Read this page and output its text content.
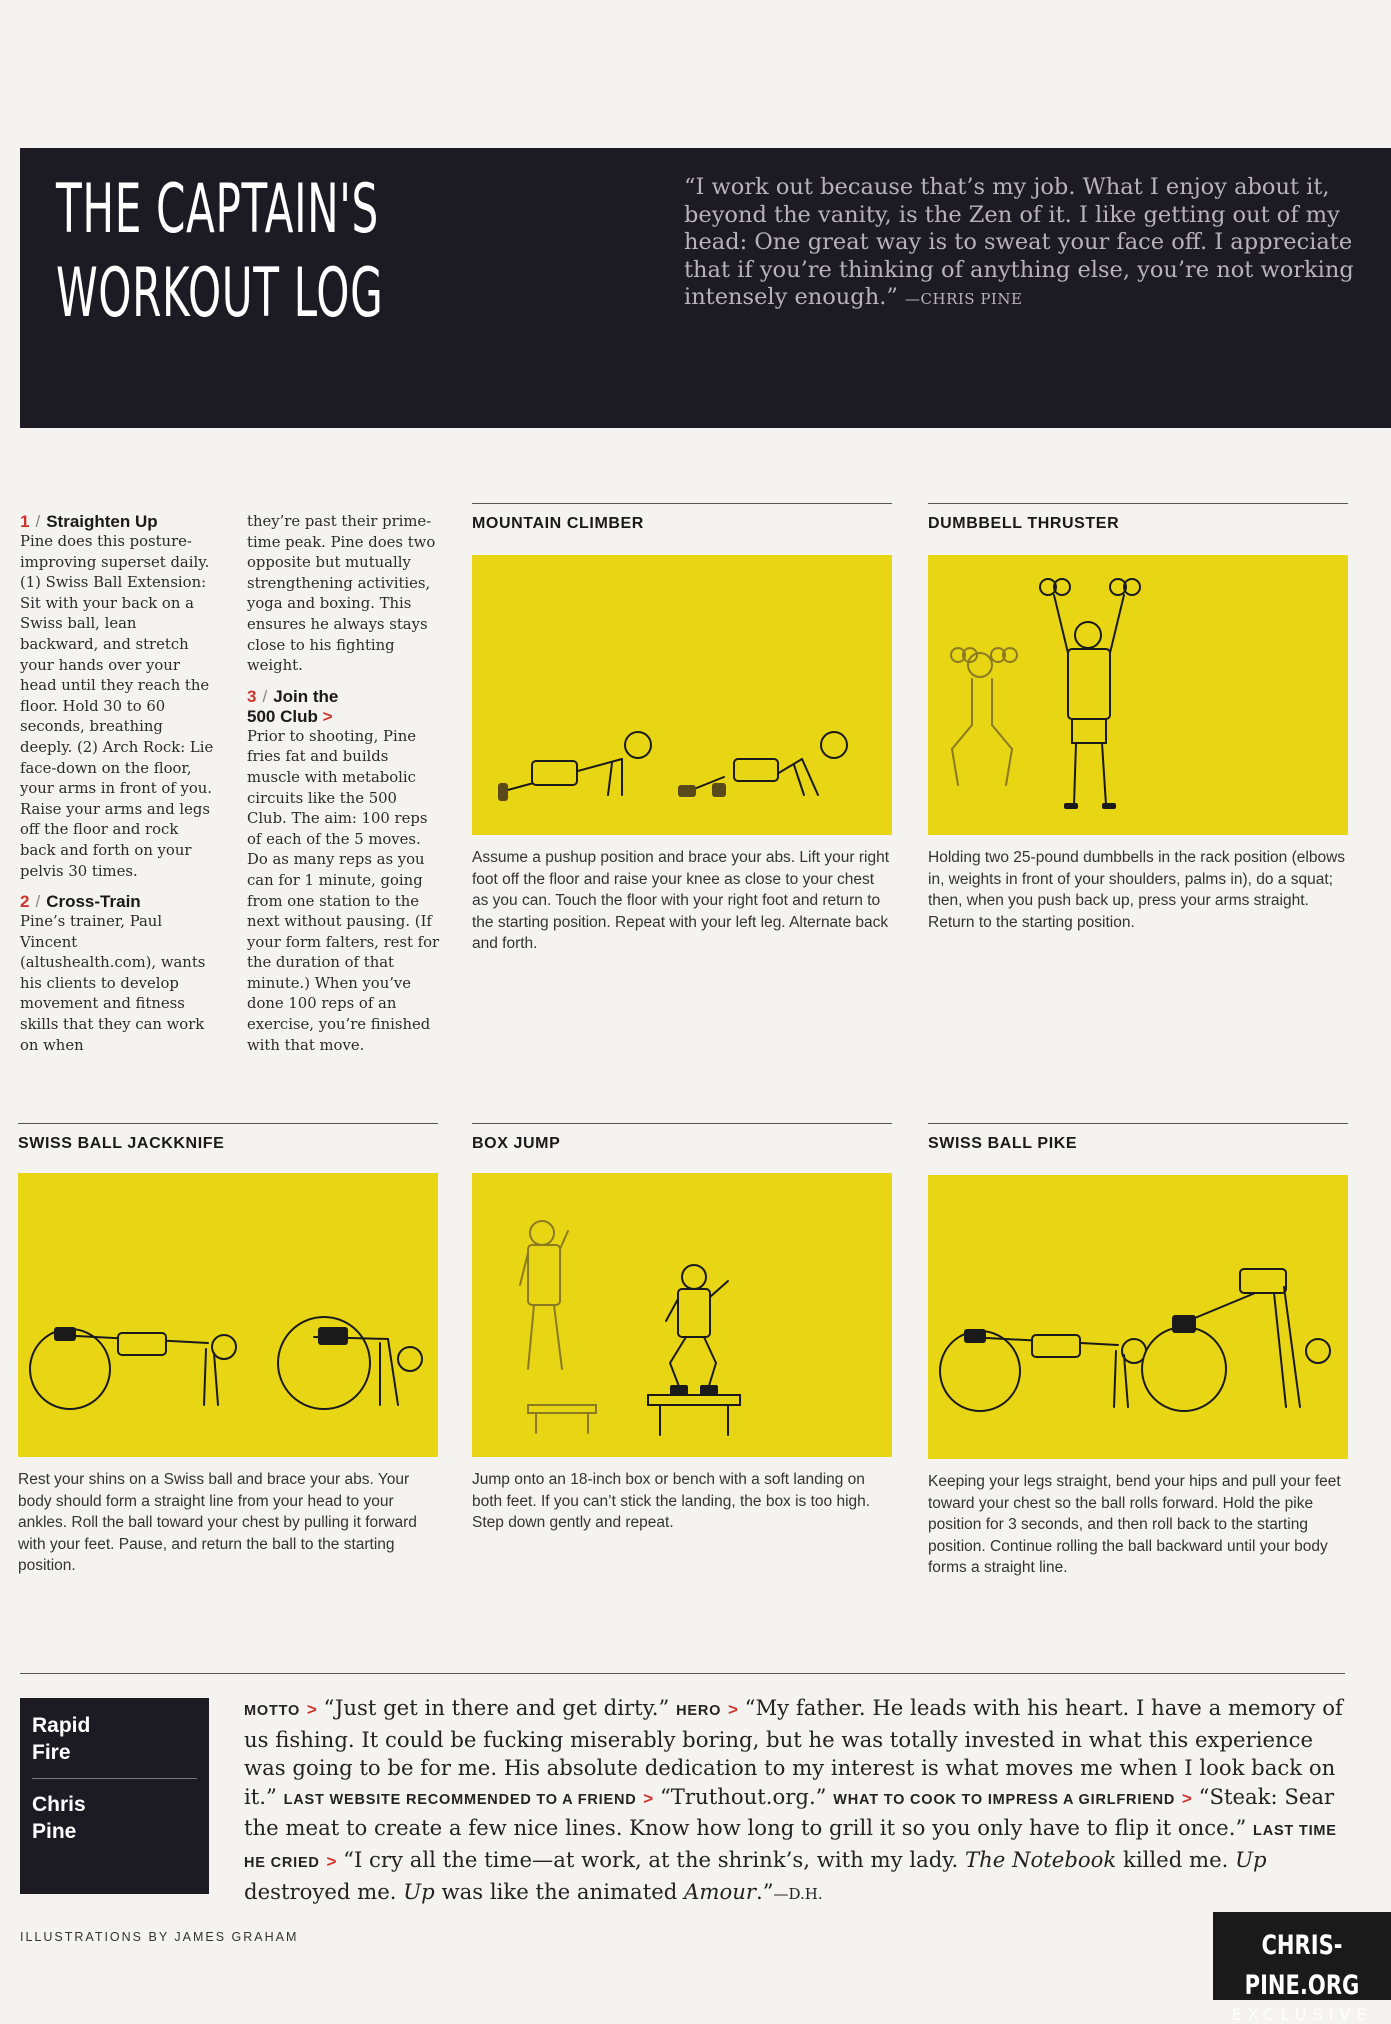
THE CAPTAIN'S
WORKOUT LOG
“I work out because that’s my job. What I enjoy about it, beyond the vanity, is the Zen of it. I like getting out of my head: One great way is to sweat your face off. I appreciate that if you’re thinking of anything else, you’re not working intensely enough.” —CHRIS PINE
1 / Straighten Up

Pine does this posture-improving superset daily. (1) Swiss Ball Extension: Sit with your back on a Swiss ball, lean backward, and stretch your hands over your head until they reach the floor. Hold 30 to 60 seconds, breathing deeply. (2) Arch Rock: Lie face-down on the floor, your arms in front of you. Raise your arms and legs off the floor and rock back and forth on your pelvis 30 times.

2 / Cross-Train

Pine’s trainer, Paul Vincent (altushealth.com), wants his clients to develop movement and fitness skills that they can work on when

they’re past their prime-time peak. Pine does two opposite but mutually strengthening activities, yoga and boxing. This ensures he always stays close to his fighting weight.

3 / Join the
500 Club >

Prior to shooting, Pine fries fat and builds muscle with metabolic circuits like the 500 Club. The aim: 100 reps of each of the 5 moves. Do as many reps as you can for 1 minute, going from one station to the next without pausing. (If your form falters, rest for the duration of that minute.) When you’ve done 100 reps of an exercise, you’re finished with that move.

MOUNTAIN CLIMBER
Assume a pushup position and brace your abs. Lift your right foot off the floor and raise your knee as close to your chest as you can. Touch the floor with your right foot and return to the starting position. Repeat with your left leg. Alternate back and forth.
DUMBBELL THRUSTER
Holding two 25-pound dumbbells in the rack position (elbows in, weights in front of your shoulders, palms in), do a squat; then, when you push back up, press your arms straight. Return to the starting position.
SWISS BALL JACKKNIFE
Rest your shins on a Swiss ball and brace your abs. Your body should form a straight line from your head to your ankles. Roll the ball toward your chest by pulling it forward with your feet. Pause, and return the ball to the starting position.
BOX JUMP
Jump onto an 18-inch box or bench with a soft landing on both feet. If you can’t stick the landing, the box is too high. Step down gently and repeat.
SWISS BALL PIKE
Keeping your legs straight, bend your hips and pull your feet toward your chest so the ball rolls forward. Hold the pike position for 3 seconds, and then roll back to the starting position. Continue rolling the ball backward until your body forms a straight line.
Rapid Fire
Chris Pine
MOTTO > “Just get in there and get dirty.” HERO > “My father. He leads with his heart. I have a memory of us fishing. It could be fucking miserably boring, but he was totally invested in what this experience was going to be for me. His absolute dedication to my interest is what moves me when I look back on it.” LAST WEBSITE RECOMMENDED TO A FRIEND > “Truthout.org.” WHAT TO COOK TO IMPRESS A GIRLFRIEND > “Steak: Sear the meat to create a few nice lines. Know how long to grill it so you only have to flip it once.” LAST TIME HE CRIED > “I cry all the time—at work, at the shrink’s, with my lady. The Notebook killed me. Up destroyed me. Up was like the animated Amour.”—D.H.
ILLUSTRATIONS BY JAMES GRAHAM	CHRIS-PINE.ORG
EXCLUSIVE
